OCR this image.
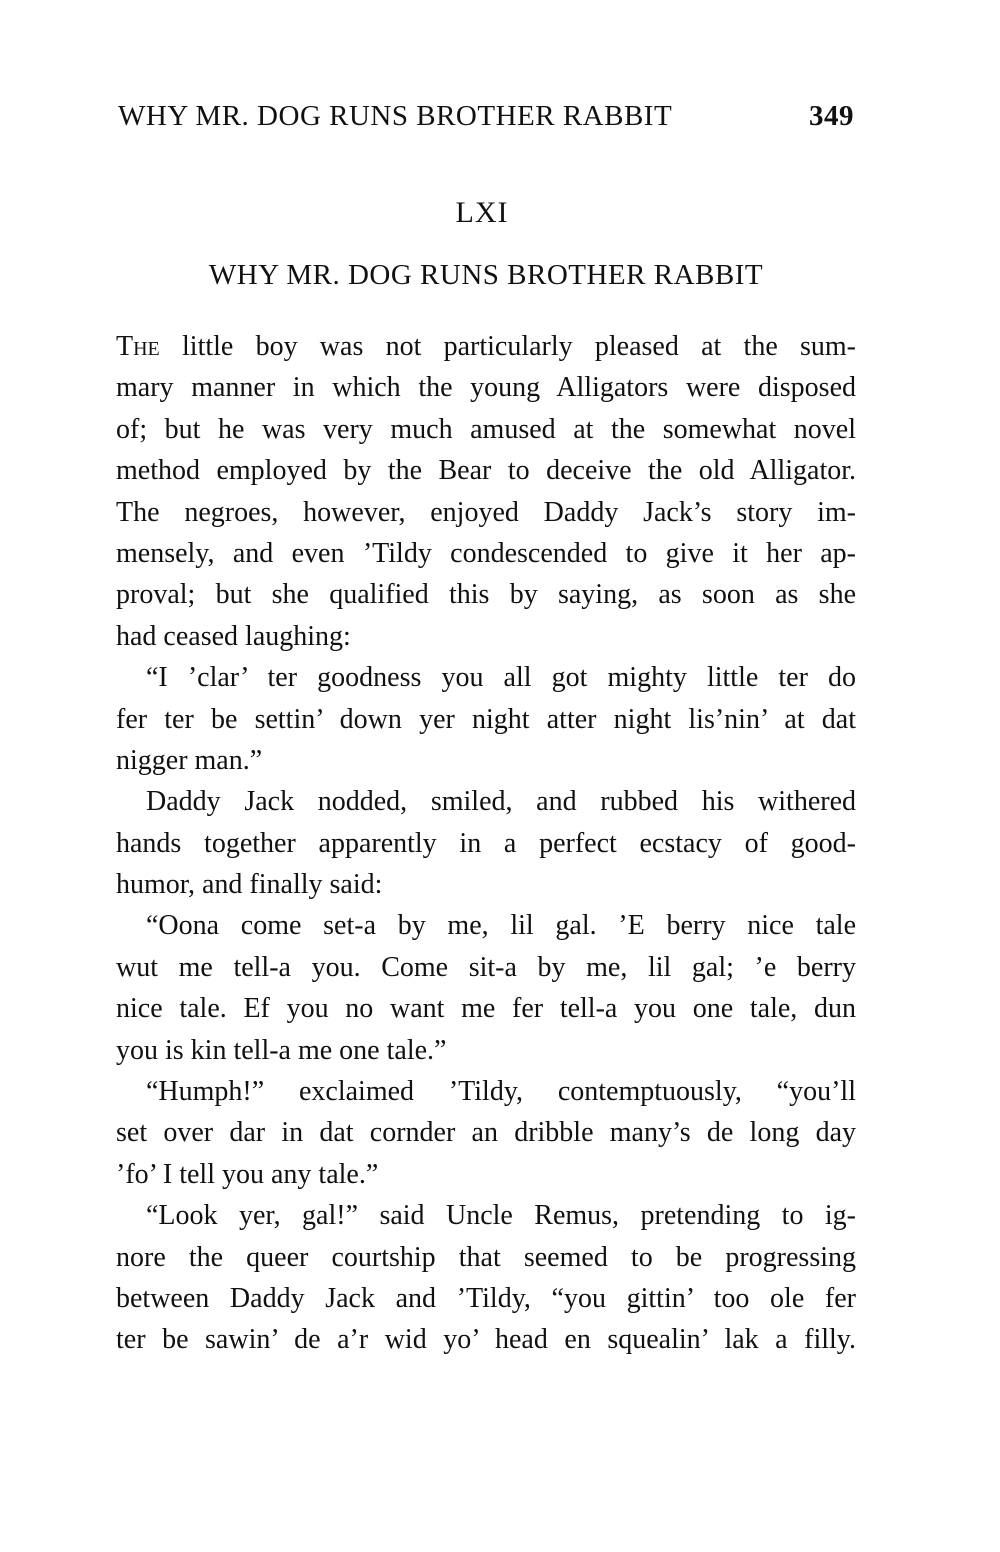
WHY MR. DOG RUNS BROTHER RABBIT	349
LXI
WHY MR. DOG RUNS BROTHER RABBIT
The little boy was not particularly pleased at the sum-
mary manner in which the young Alligators were disposed
of; but he was very much amused at the somewhat novel
method employed by the Bear to deceive the old Alligator.
The negroes, however, enjoyed Daddy Jack’s story im-
mensely, and even ’Tildy condescended to give it her ap-
proval; but she qualified this by saying, as soon as she
had ceased laughing:
“I ’clar’ ter goodness you all got mighty little ter do
fer ter be settin’ down yer night atter night lis’nin’ at dat
nigger man.”
Daddy Jack nodded, smiled, and rubbed his withered
hands together apparently in a perfect ecstacy of good-
humor, and finally said:
“Oona come set-a by me, lil gal. ’E berry nice tale
wut me tell-a you. Come sit-a by me, lil gal; ’e berry
nice tale. Ef you no want me fer tell-a you one tale, dun
you is kin tell-a me one tale.”
“Humph!” exclaimed ’Tildy, contemptuously, “you’ll
set over dar in dat cornder an dribble many’s de long day
’fo’ I tell you any tale.”
“Look yer, gal!” said Uncle Remus, pretending to ig-
nore the queer courtship that seemed to be progressing
between Daddy Jack and ’Tildy, “you gittin’ too ole fer
ter be sawin’ de a’r wid yo’ head en squealin’ lak a filly.
